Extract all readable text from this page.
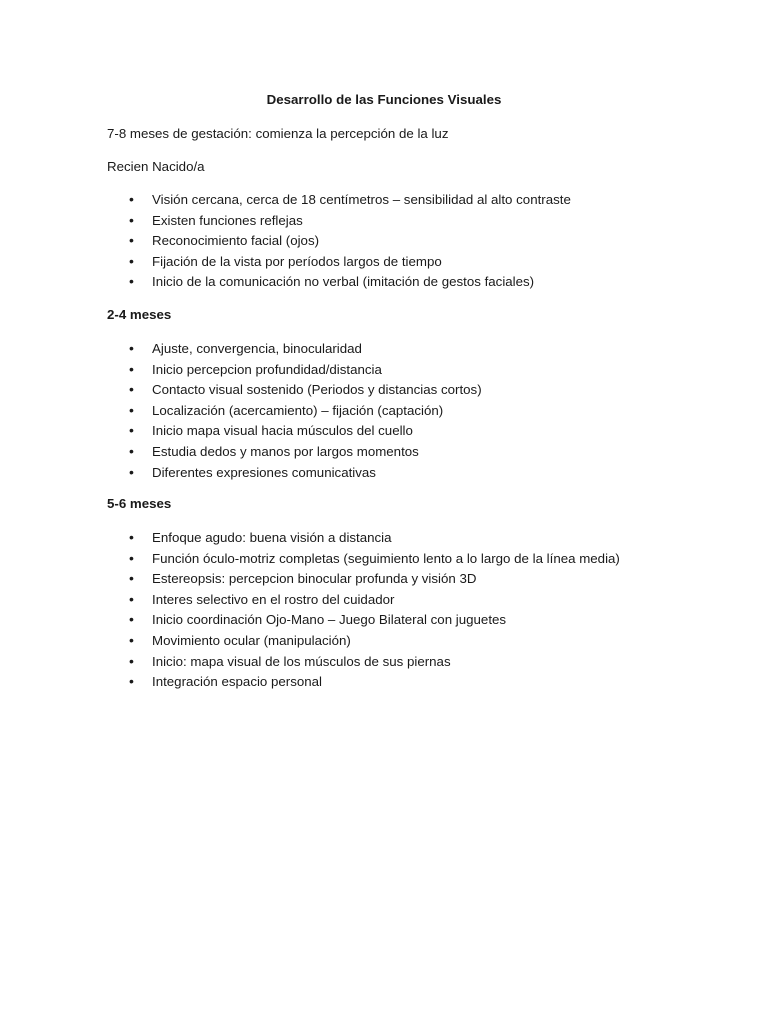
Desarrollo de las Funciones Visuales
7-8 meses de gestación: comienza la percepción de la luz
Recien Nacido/a
• Visión cercana, cerca de 18 centímetros – sensibilidad al alto contraste
• Existen funciones reflejas
• Reconocimiento facial (ojos)
• Fijación de la vista por períodos largos de tiempo
• Inicio de la comunicación no verbal (imitación de gestos faciales)
2-4 meses
• Ajuste, convergencia, binocularidad
• Inicio percepcion profundidad/distancia
• Contacto visual sostenido (Periodos y distancias cortos)
• Localización (acercamiento) – fijación (captación)
• Inicio mapa visual hacia músculos del cuello
• Estudia dedos y manos por largos momentos
• Diferentes expresiones comunicativas
5-6 meses
• Enfoque agudo: buena visión a distancia
• Función óculo-motriz completas (seguimiento lento a lo largo de la línea media)
• Estereopsis: percepcion binocular profunda y visión 3D
• Interes selectivo en el rostro del cuidador
• Inicio coordinación Ojo-Mano – Juego Bilateral con juguetes
• Movimiento ocular (manipulación)
• Inicio: mapa visual de los músculos de sus piernas
• Integración espacio personal
